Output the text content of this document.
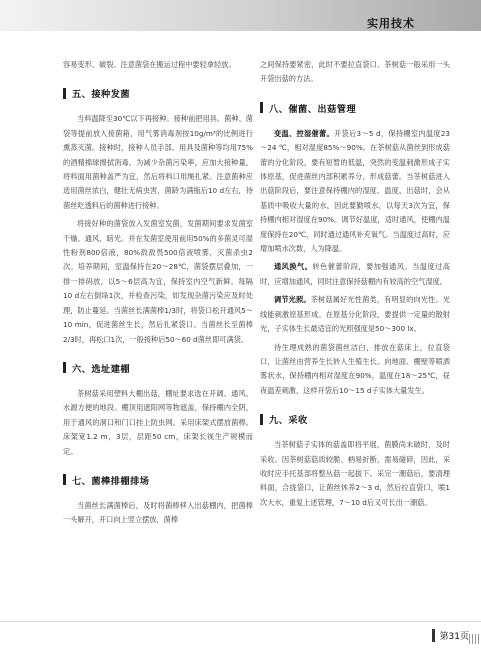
实用技术

容易变形、破裂。注意菌袋在搬运过程中要轻拿轻放。

五、接种发菌

当料温降至30℃以下再接种。接种前把用具、菌种、菌袋等提前放入接菌箱，用气雾消毒剂按10g/m³的比例进行熏蒸灭菌。接种时，接种人员手部、用具及菌种等均用75%的酒精棉球擦拭消毒。为减少杂菌污染率，应加大接种量，将料面用菌种盖严为宜，然后将料口用绳扎紧。注意菌种应选用菌丝浓白，健壮无病虫害，菌龄为满瓶后10 d左右，待菌丝吃透料后的菌种进行接种。

将接好种的菌袋放入发菌室发菌，发菌期间要求发菌室干燥、通风、暗光。并在发菌室使用前用50%的多菌灵可湿性粉剂800倍液，80%敌敌畏500倍液喷雾，灭菌杀虫2次。培养期间，室温保持在20～28℃，菌袋摆层叠加，一排一排码放，以5～6层高为宜，保持室内空气新鲜。每隔10 d左右倒垛1次，并检查污染，如发现杂菌污染应及时处理，防止蔓延。当菌丝长满菌棒1/3时，将袋口松开通风5～10 min，促进菌丝生长，然后扎紧袋口。当菌丝长至菌棒2/3时，再松口1次，一般接种后50～60 d菌丝即可满袋。

六、选址建棚

茶树菇采用塑料大棚出菇，棚址要求选在开阔、通风、水源方便的地段。棚顶用遮阳网等物遮盖，保持棚内全阴，用于通风的洞口和门口挂上防虫网。采用床架式摆放菌棒。床架宽1.2 m，3层，层距50 cm，床架长视生产规模而定。

七、菌棒排棚排场

当菌丝长满菌棒后，及时将菌棒移入出菇棚内，把菌棒一头解开，开口向上竖立摆放，菌棒

之间保持要紧密，此时不要拉直袋口。茶树菇一般采用一头开袋出菇的方法。

八、催菌、出菇管理

变温、控湿催蕾。开袋后3～5 d，保持棚室内温度23～24 ℃，相对湿度85%～90%。在茶树菇从菌丝到形成菇蕾的分化阶段，要有短暂的低温，突然的变温刺激形成子实体原基，促进菌丝内部积累养分，形成菇蕾。当茶树菇进入出菇阶段后，要注意保持棚内的湿度、温度、出菇时，会从基质中吸收大量的水，因此要勤喷水，以每天3次为宜，保持棚内相对湿度在90%。调节好温度，适时通风，使棚内温度保持在20℃，同时通过通风补充氧气。当温度过高时，应增加喷水次数，人为降温。

通风换气。转色催蕾阶段，要加强通风。当温度过高时，应增加通风，同时注意保持菇棚内有较高的空气湿度。

调节光照。茶树菇属好光性菌类，有明显的向光性。光线能刺激原基形成。在原基分化阶段，要提供一定量的散射光，子实体生长最适宜的光照强度是50～300 lx。

待生理成熟的菌袋菌丝洁白，排放在菇床上，拉直袋口，让菌丝由营养生长转入生殖生长。向地面、棚壁等喷洒雾状水，保持棚内相对湿度在90%，温度在18～25℃，昼夜温差刺激，这样开袋后10～15 d子实体大量发生。

九、采收

当茶树菇子实体的菇盖即将平展，菌膜尚未破时，及时采收。因茶树菇菇质较脆、柄易折断，需易碰碎，因此，采收时应手托基部将整丛菇一起拔下。采完一潮菇后，要清理料面，合拢袋口，让菌丝休养2～3 d，然后拉直袋口，喷1次大水，重复上述管理，7～10 d后又可长出一潮菇。

第31页
